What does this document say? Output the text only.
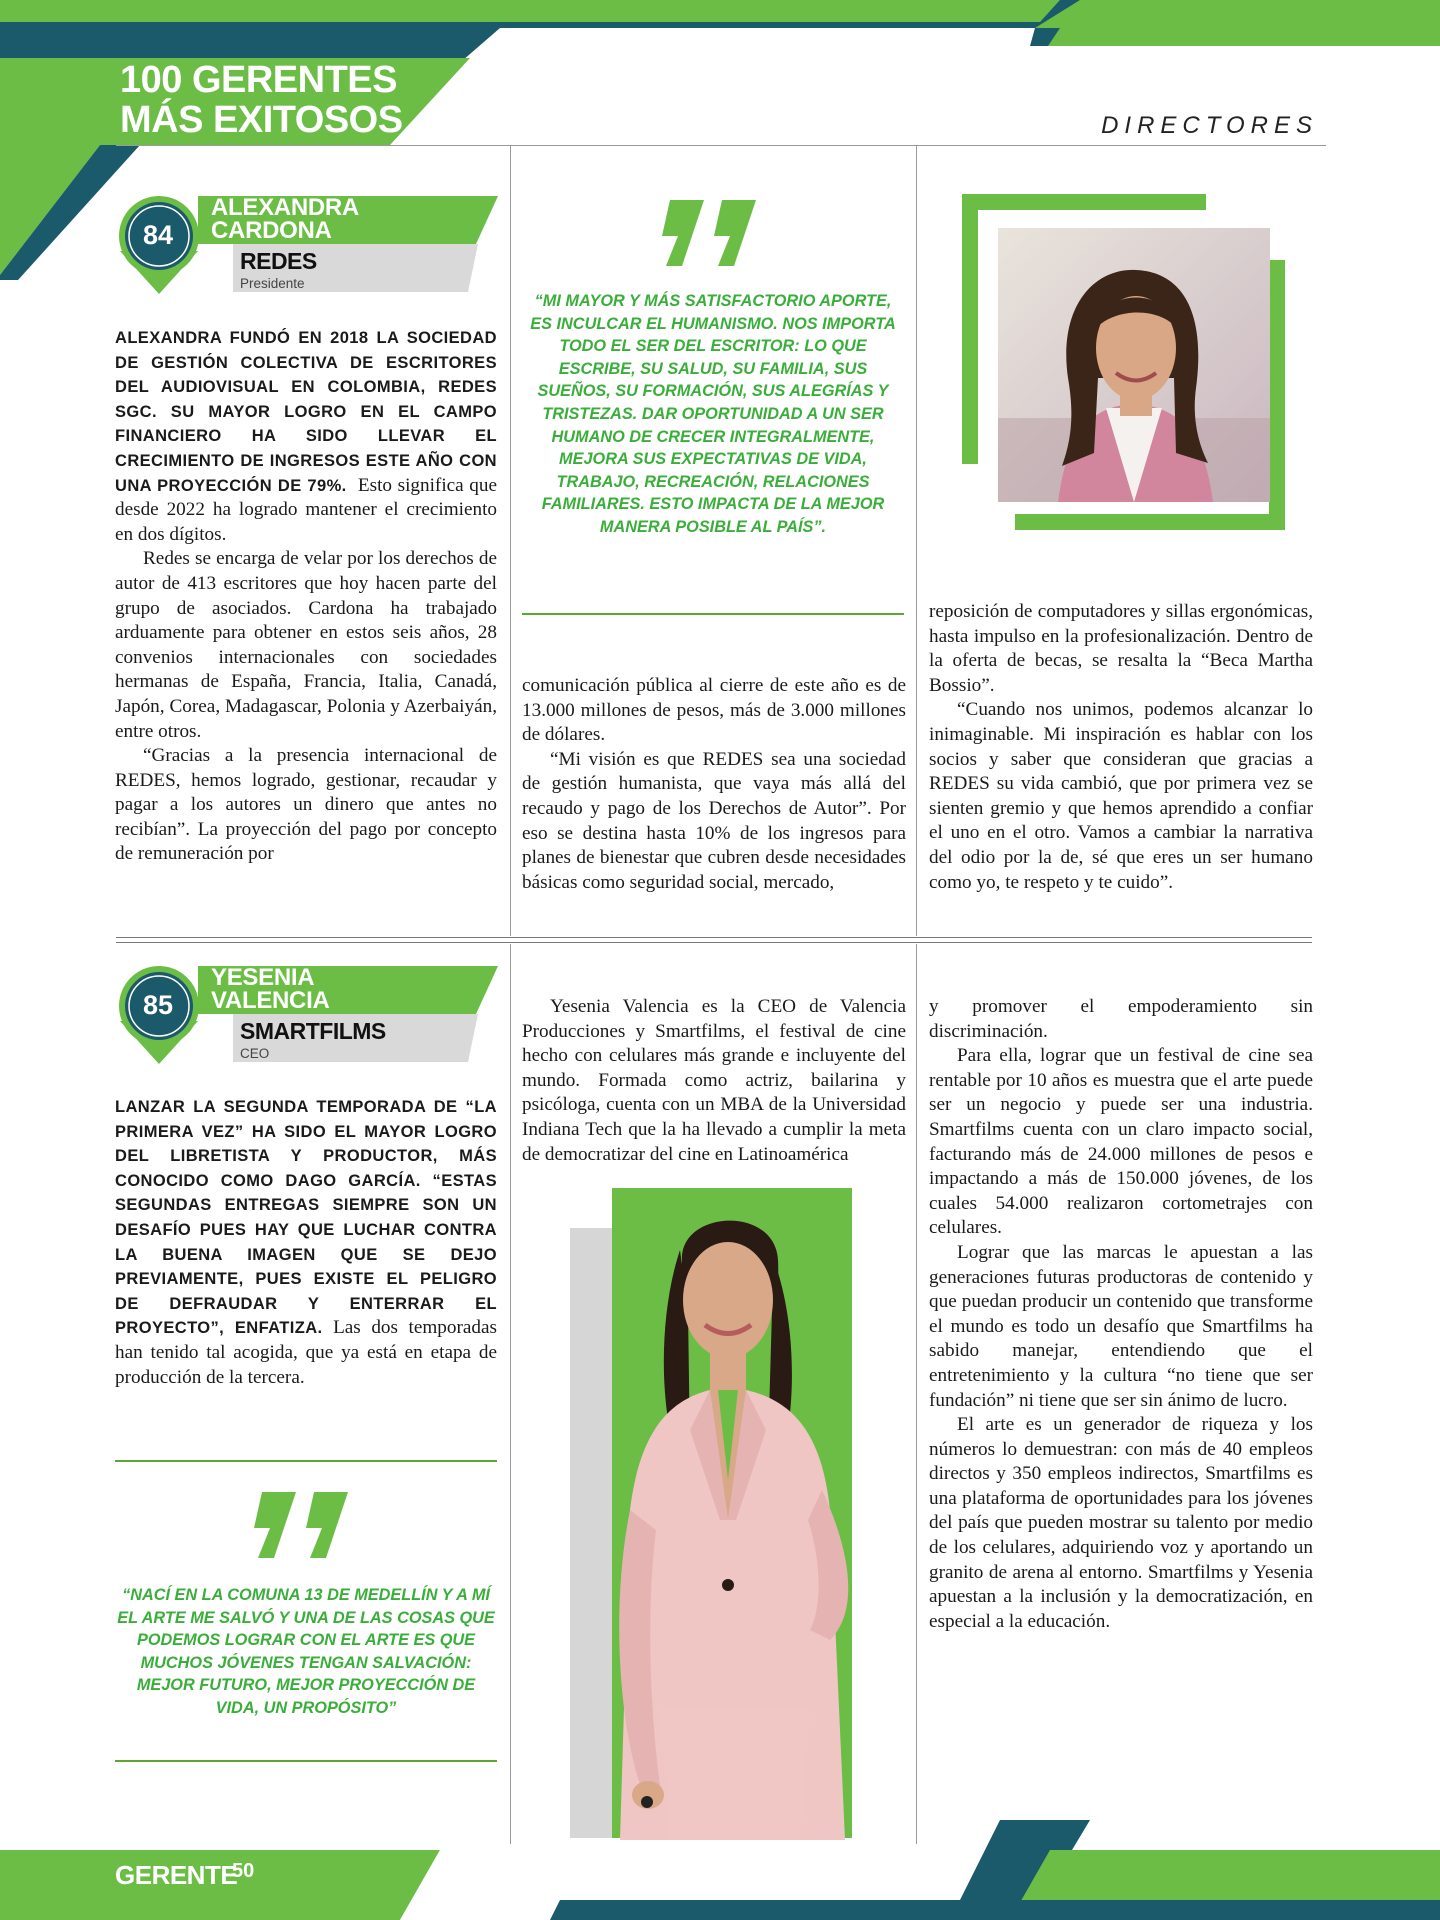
100 GERENTES
MÁS EXITOSOS	DIRECTORES
84
ALEXANDRA
CARDONA
REDES
Presidente

ALEXANDRA FUNDÓ EN 2018 LA SOCIEDAD DE GESTIÓN COLECTIVA DE ESCRITORES DEL AUDIOVISUAL EN COLOMBIA, REDES SGC. SU MAYOR LOGRO EN EL CAMPO FINANCIERO HA SIDO LLEVAR EL CRECIMIENTO DE INGRESOS ESTE AÑO CON UNA PROYECCIÓN DE 79%. Esto significa que desde 2022 ha logrado mantener el crecimiento en dos dígitos.

Redes se encarga de velar por los derechos de autor de 413 escritores que hoy hacen parte del grupo de asociados. Cardona ha trabajado arduamente para obtener en estos seis años, 28 convenios internacionales con sociedades hermanas de España, Francia, Italia, Canadá, Japón, Corea, Madagascar, Polonia y Azerbaiyán, entre otros.

“Gracias a la presencia internacional de REDES, hemos logrado, gestionar, recaudar y pagar a los autores un dinero que antes no recibían”. La proyección del pago por concepto de remuneración por

“MI MAYOR Y MÁS SATISFACTORIO APORTE, ES INCULCAR EL HUMANISMO. NOS IMPORTA TODO EL SER DEL ESCRITOR: LO QUE ESCRIBE, SU SALUD, SU FAMILIA, SUS SUEÑOS, SU FORMACIÓN, SUS ALEGRÍAS Y TRISTEZAS. DAR OPORTUNIDAD A UN SER HUMANO DE CRECER INTEGRALMENTE, MEJORA SUS EXPECTATIVAS DE VIDA, TRABAJO, RECREACIÓN, RELACIONES FAMILIARES. ESTO IMPACTA DE LA MEJOR MANERA POSIBLE AL PAÍS”.

comunicación pública al cierre de este año es de 13.000 millones de pesos, más de 3.000 millones de dólares.

“Mi visión es que REDES sea una sociedad de gestión humanista, que vaya más allá del recaudo y pago de los Derechos de Autor”. Por eso se destina hasta 10% de los ingresos para planes de bienestar que cubren desde necesidades básicas como seguridad social, mercado,

reposición de computadores y sillas ergonómicas, hasta impulso en la profesionalización. Dentro de la oferta de becas, se resalta la “Beca Martha Bossio”.

“Cuando nos unimos, podemos alcanzar lo inimaginable. Mi inspiración es hablar con los socios y saber que consideran que gracias a REDES su vida cambió, que por primera vez se sienten gremio y que hemos aprendido a confiar el uno en el otro. Vamos a cambiar la narrativa del odio por la de, sé que eres un ser humano como yo, te respeto y te cuido”.

85
YESENIA
VALENCIA
SMARTFILMS
CEO

LANZAR LA SEGUNDA TEMPORADA DE “LA PRIMERA VEZ” HA SIDO EL MAYOR LOGRO DEL LIBRETISTA Y PRODUCTOR, MÁS CONOCIDO COMO DAGO GARCÍA. “ESTAS SEGUNDAS ENTREGAS SIEMPRE SON UN DESAFÍO PUES HAY QUE LUCHAR CONTRA LA BUENA IMAGEN QUE SE DEJO PREVIAMENTE, PUES EXISTE EL PELIGRO DE DEFRAUDAR Y ENTERRAR EL PROYECTO”, ENFATIZA. Las dos temporadas han tenido tal acogida, que ya está en etapa de producción de la tercera.

“NACÍ EN LA COMUNA 13 DE MEDELLÍN Y A MÍ EL ARTE ME SALVÓ Y UNA DE LAS COSAS QUE PODEMOS LOGRAR CON EL ARTE ES QUE MUCHOS JÓVENES TENGAN SALVACIÓN: MEJOR FUTURO, MEJOR PROYECCIÓN DE VIDA, UN PROPÓSITO”

Yesenia Valencia es la CEO de Valencia Producciones y Smartfilms, el festival de cine hecho con celulares más grande e incluyente del mundo. Formada como actriz, bailarina y psicóloga, cuenta con un MBA de la Universidad Indiana Tech que la ha llevado a cumplir la meta de democratizar del cine en Latinoamérica

y promover el empoderamiento sin discriminación.

Para ella, lograr que un festival de cine sea rentable por 10 años es muestra que el arte puede ser un negocio y puede ser una industria. Smartfilms cuenta con un claro impacto social, facturando más de 24.000 millones de pesos e impactando a más de 150.000 jóvenes, de los cuales 54.000 realizaron cortometrajes con celulares.

Lograr que las marcas le apuestan a las generaciones futuras productoras de contenido y que puedan producir un contenido que transforme el mundo es todo un desafío que Smartfilms ha sabido manejar, entendiendo que el entretenimiento y la cultura “no tiene que ser fundación” ni tiene que ser sin ánimo de lucro.

El arte es un generador de riqueza y los números lo demuestran: con más de 40 empleos directos y 350 empleos indirectos, Smartfilms es una plataforma de oportunidades para los jóvenes del país que pueden mostrar su talento por medio de los celulares, adquiriendo voz y aportando un granito de arena al entorno. Smartfilms y Yesenia apuestan a la inclusión y la democratización, en especial a la educación.

GERENTE
50
